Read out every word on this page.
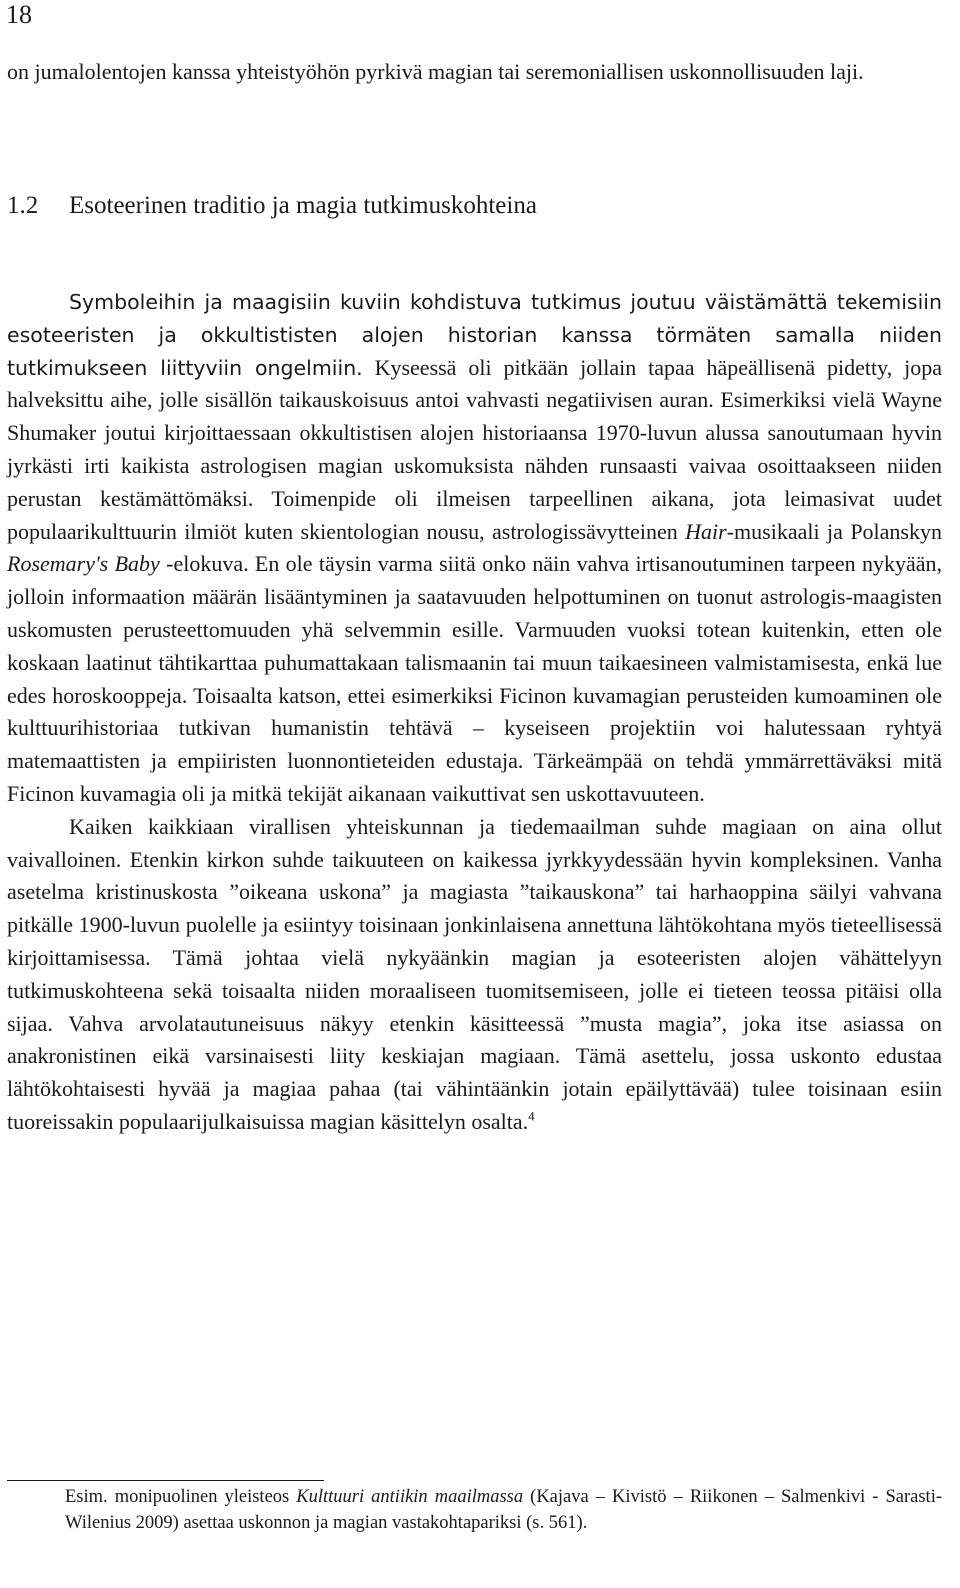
18

on jumalolentojen kanssa yhteistyöhön pyrkivä magian tai seremoniallisen uskonnollisuuden laji.

1.2 Esoteerinen traditio ja magia tutkimuskohteina

Symboleihin ja maagisiin kuviin kohdistuva tutkimus joutuu väistämättä tekemisiin esoteeristen ja okkultististen alojen historian kanssa törmäten samalla niiden tutkimukseen liittyviin ongelmiin. Kyseessä oli pitkään jollain tapaa häpeällisenä pidetty, jopa halveksittu aihe, jolle sisällön taikauskoisuus antoi vahvasti negatiivisen auran. Esimerkiksi vielä Wayne Shumaker joutui kirjoittaessaan okkultistisen alojen historiaansa 1970-luvun alussa sanoutumaan hyvin jyrkästi irti kaikista astrologisen magian uskomuksista nähden runsaasti vaivaa osoittaakseen niiden perustan kestämättömäksi. Toimenpide oli ilmeisen tarpeellinen aikana, jota leimasivat uudet populaarikulttuurin ilmiöt kuten skientologian nousu, astrologissävytteinen Hair-musikaali ja Polanskyn Rosemary's Baby -elokuva. En ole täysin varma siitä onko näin vahva irtisanoutuminen tarpeen nykyään, jolloin informaation määrän lisääntyminen ja saatavuuden helpottuminen on tuonut astrologis-maagisten uskomusten perusteettomuuden yhä selvemmin esille. Varmuuden vuoksi totean kuitenkin, etten ole koskaan laatinut tähtikarttaa puhumattakaan talismaanin tai muun taikaesineen valmistamisesta, enkä lue edes horoskooppeja. Toisaalta katson, ettei esimerkiksi Ficinon kuvamagian perusteiden kumoaminen ole kulttuurihistoriaa tutkivan humanistin tehtävä – kyseiseen projektiin voi halutessaan ryhtyä matemaattisten ja empiiristen luonnontieteiden edustaja. Tärkeämpää on tehdä ymmärrettäväksi mitä Ficinon kuvamagia oli ja mitkä tekijät aikanaan vaikuttivat sen uskottavuuteen.

Kaiken kaikkiaan virallisen yhteiskunnan ja tiedemaailman suhde magiaan on aina ollut vaivalloinen. Etenkin kirkon suhde taikuuteen on kaikessa jyrkkyydessään hyvin kompleksinen. Vanha asetelma kristinuskosta ”oikeana uskona” ja magiasta ”taikauskona” tai harhaoppina säilyi vahvana pitkälle 1900-luvun puolelle ja esiintyy toisinaan jonkinlaisena annettuna lähtökohtana myös tieteellisessä kirjoittamisessa. Tämä johtaa vielä nykyäänkin magian ja esoteeristen alojen vähättelyyn tutkimuskohteena sekä toisaalta niiden moraaliseen tuomitsemiseen, jolle ei tieteen teossa pitäisi olla sijaa. Vahva arvolatautuneisuus näkyy etenkin käsitteessä ”musta magia”, joka itse asiassa on anakronistinen eikä varsinaisesti liity keskiajan magiaan. Tämä asettelu, jossa uskonto edustaa lähtökohtaisesti hyvää ja magiaa pahaa (tai vähintäänkin jotain epäilyttävää) tulee toisinaan esiin tuoreissakin populaarijulkaisuissa magian käsittelyn osalta.$^4$

Esim. monipuolinen yleisteos Kulttuuri antiikin maailmassa (Kajava – Kivistö – Riikonen – Salmenkivi - Sarasti-Wilenius 2009) asettaa uskonnon ja magian vastakohtapariksi (s. 561).
